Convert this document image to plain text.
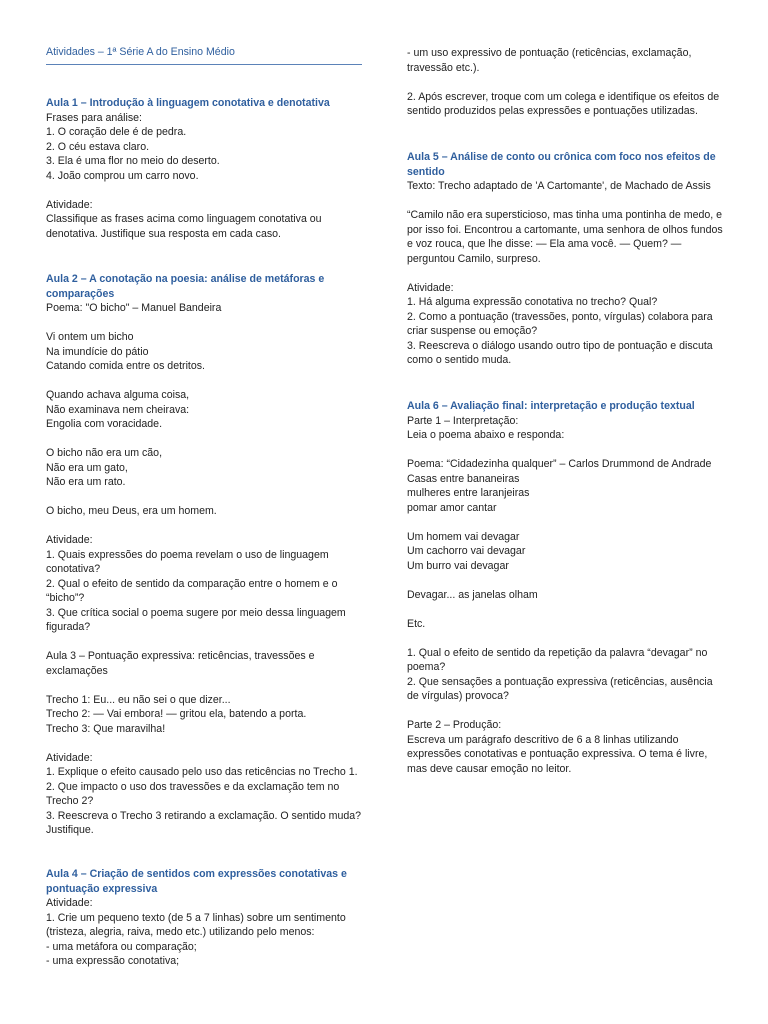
Atividades – 1ª Série A do Ensino Médio
Aula 1 – Introdução à linguagem conotativa e denotativa
Frases para análise:
1. O coração dele é de pedra.
2. O céu estava claro.
3. Ela é uma flor no meio do deserto.
4. João comprou um carro novo.
Atividade:
Classifique as frases acima como linguagem conotativa ou denotativa. Justifique sua resposta em cada caso.
Aula 2 – A conotação na poesia: análise de metáforas e comparações
Poema: "O bicho" – Manuel Bandeira
Vi ontem um bicho
Na imundície do pátio
Catando comida entre os detritos.
Quando achava alguma coisa,
Não examinava nem cheirava:
Engolia com voracidade.
O bicho não era um cão,
Não era um gato,
Não era um rato.
O bicho, meu Deus, era um homem.
Atividade:
1. Quais expressões do poema revelam o uso de linguagem conotativa?
2. Qual o efeito de sentido da comparação entre o homem e o “bicho”?
3. Que crítica social o poema sugere por meio dessa linguagem figurada?
Aula 3 – Pontuação expressiva: reticências, travessões e exclamações
Trecho 1: Eu... eu não sei o que dizer...
Trecho 2: — Vai embora! — gritou ela, batendo a porta.
Trecho 3: Que maravilha!
Atividade:
1. Explique o efeito causado pelo uso das reticências no Trecho 1.
2. Que impacto o uso dos travessões e da exclamação tem no Trecho 2?
3. Reescreva o Trecho 3 retirando a exclamação. O sentido muda? Justifique.
Aula 4 – Criação de sentidos com expressões conotativas e pontuação expressiva
Atividade:
1. Crie um pequeno texto (de 5 a 7 linhas) sobre um sentimento (tristeza, alegria, raiva, medo etc.) utilizando pelo menos:
- uma metáfora ou comparação;
- uma expressão conotativa;
- um uso expressivo de pontuação (reticências, exclamação, travessão etc.).
2. Após escrever, troque com um colega e identifique os efeitos de sentido produzidos pelas expressões e pontuações utilizadas.
Aula 5 – Análise de conto ou crônica com foco nos efeitos de sentido
Texto: Trecho adaptado de 'A Cartomante', de Machado de Assis
“Camilo não era supersticioso, mas tinha uma pontinha de medo, e por isso foi. Encontrou a cartomante, uma senhora de olhos fundos e voz rouca, que lhe disse: — Ela ama você. — Quem? — perguntou Camilo, surpreso.
Atividade:
1. Há alguma expressão conotativa no trecho? Qual?
2. Como a pontuação (travessões, ponto, vírgulas) colabora para criar suspense ou emoção?
3. Reescreva o diálogo usando outro tipo de pontuação e discuta como o sentido muda.
Aula 6 – Avaliação final: interpretação e produção textual
Parte 1 – Interpretação:
Leia o poema abaixo e responda:
Poema: “Cidadezinha qualquer” – Carlos Drummond de Andrade
Casas entre bananeiras
mulheres entre laranjeiras
pomar amor cantar
Um homem vai devagar
Um cachorro vai devagar
Um burro vai devagar
Devagar... as janelas olham
Etc.
1. Qual o efeito de sentido da repetição da palavra “devagar” no poema?
2. Que sensações a pontuação expressiva (reticências, ausência de vírgulas) provoca?
Parte 2 – Produção:
Escreva um parágrafo descritivo de 6 a 8 linhas utilizando expressões conotativas e pontuação expressiva. O tema é livre, mas deve causar emoção no leitor.
